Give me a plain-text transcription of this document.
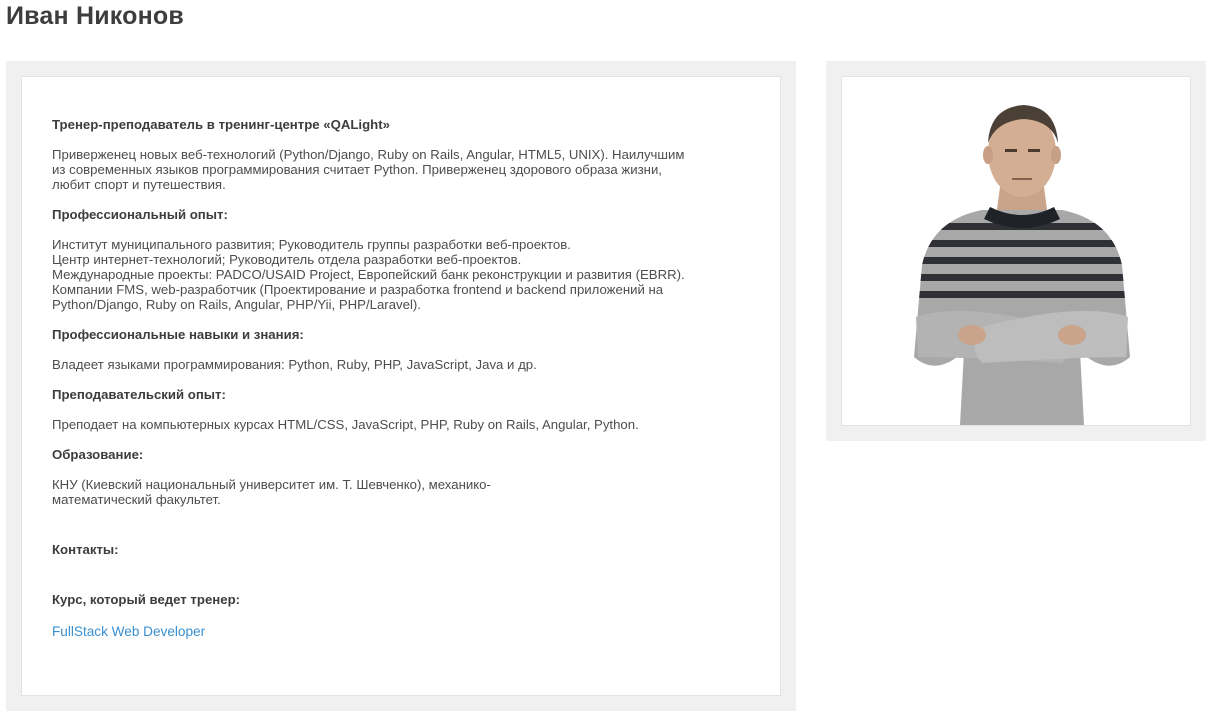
Иван Никонов

Тренер-преподаватель в тренинг-центре «QALight»

Приверженец новых веб-технологий (Python/Django, Ruby on Rails, Angular, HTML5, UNIX). Наилучшим

из современных языков программирования считает Python. Приверженец здорового образа жизни,

любит спорт и путешествия.

Профессиональный опыт:

Институт муниципального развития; Руководитель группы разработки веб-проектов.

Центр интернет-технологий; Руководитель отдела разработки веб-проектов.

Международные проекты: PADCO/USAID Project, Европейский банк реконструкции и развития (EBRR).

Компании FMS, web-разработчик (Проектирование и разработка frontend и backend приложений на

Python/Django, Ruby on Rails, Angular, PHP/Yii, PHP/Laravel).

Профессиональные навыки и знания:

Владеет языками программирования: Python, Ruby, PHP, JavaScript, Java и др.

Преподавательский опыт:

Преподает на компьютерных курсах HTML/CSS, JavaScript, PHP, Ruby on Rails, Angular, Python.

Образование:

КНУ (Киевский национальный университет им. Т. Шевченко), механико-

математический факультет.

Контакты:

Курс, который ведет тренер:

FullStack Web Developer
